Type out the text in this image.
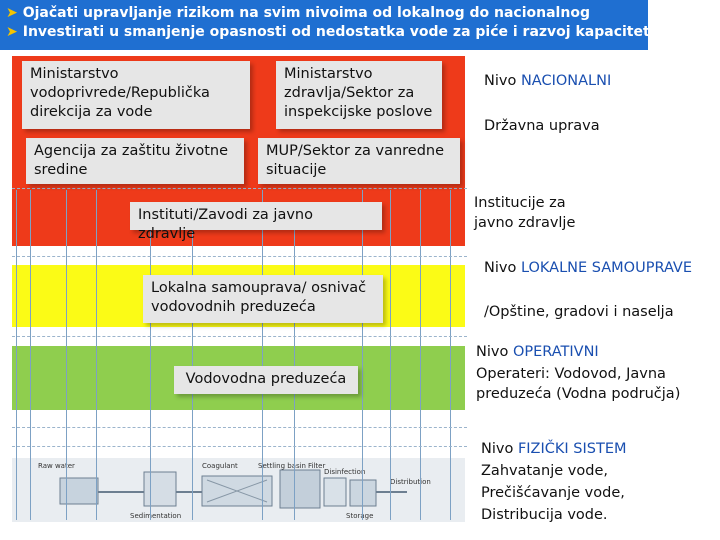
➤ Ojačati upravljanje rizikom na svim nivoima od lokalnog do nacionalnog
➤ Investirati u smanjenje opasnosti od nedostatka vode za piće i razvoj kapaciteta
Raw water	Coagulant	Settling basin Filter
Disinfection
Distribution
Sedimentation	Storage
Ministarstvo vodoprivrede/Republička direkcija za vode
Ministarstvo zdravlja/Sektor za inspekcijske poslove
Agencija za zaštitu životne sredine
MUP/Sektor za vanredne situacije
Instituti/Zavodi za javno zdravlje
Lokalna samouprava/ osnivač vodovodnih preduzeća
Vodovodna preduzeća
Nivo NACIONALNI
Državna uprava
Institucije za javno zdravlje
Nivo LOKALNE SAMOUPRAVE
/Opštine, gradovi i naselja
Nivo OPERATIVNI
Operateri: Vodovod, Javna preduzeća (Vodna područja)
Nivo FIZIČKI SISTEM
Zahvatanje vode,
Prečišćavanje vode,
Distribucija vode.
